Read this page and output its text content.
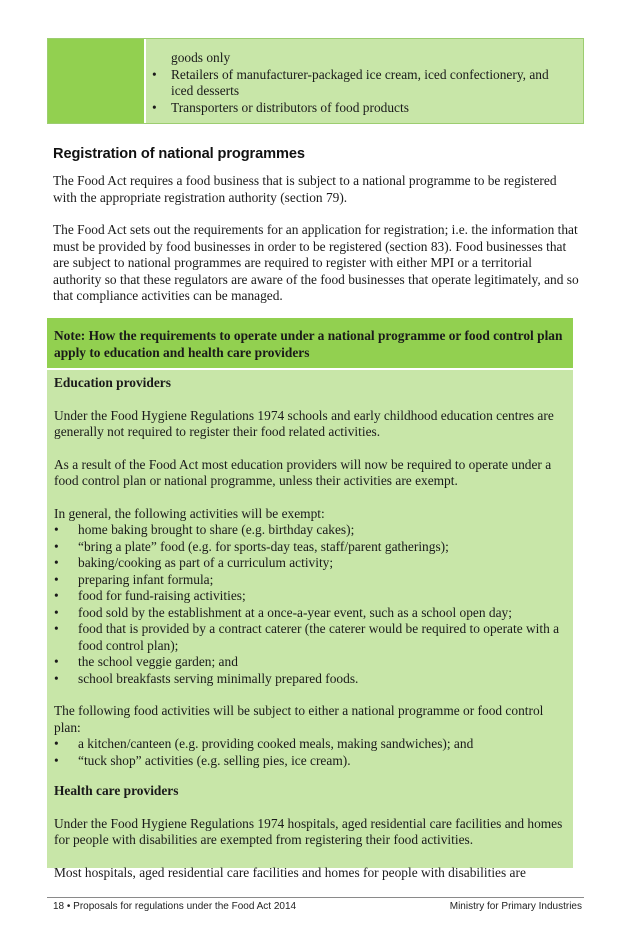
goods only
• Retailers of manufacturer-packaged ice cream, iced confectionery, and iced desserts
• Transporters or distributors of food products
Registration of national programmes
The Food Act requires a food business that is subject to a national programme to be registered with the appropriate registration authority (section 79).
The Food Act sets out the requirements for an application for registration; i.e. the information that must be provided by food businesses in order to be registered (section 83). Food businesses that are subject to national programmes are required to register with either MPI or a territorial authority so that these regulators are aware of the food businesses that operate legitimately, and so that compliance activities can be managed.
Note: How the requirements to operate under a national programme or food control plan apply to education and health care providers
Education providers
Under the Food Hygiene Regulations 1974 schools and early childhood education centres are generally not required to register their food related activities.
As a result of the Food Act most education providers will now be required to operate under a food control plan or national programme, unless their activities are exempt.
In general, the following activities will be exempt:
• home baking brought to share (e.g. birthday cakes);
• “bring a plate” food (e.g. for sports-day teas, staff/parent gatherings);
• baking/cooking as part of a curriculum activity;
• preparing infant formula;
• food for fund-raising activities;
• food sold by the establishment at a once-a-year event, such as a school open day;
• food that is provided by a contract caterer (the caterer would be required to operate with a food control plan);
• the school veggie garden; and
• school breakfasts serving minimally prepared foods.
The following food activities will be subject to either a national programme or food control plan:
• a kitchen/canteen (e.g. providing cooked meals, making sandwiches); and
• “tuck shop” activities (e.g. selling pies, ice cream).
Health care providers
Under the Food Hygiene Regulations 1974 hospitals, aged residential care facilities and homes for people with disabilities are exempted from registering their food activities.
Most hospitals, aged residential care facilities and homes for people with disabilities are
18 • Proposals for regulations under the Food Act 2014	Ministry for Primary Industries
